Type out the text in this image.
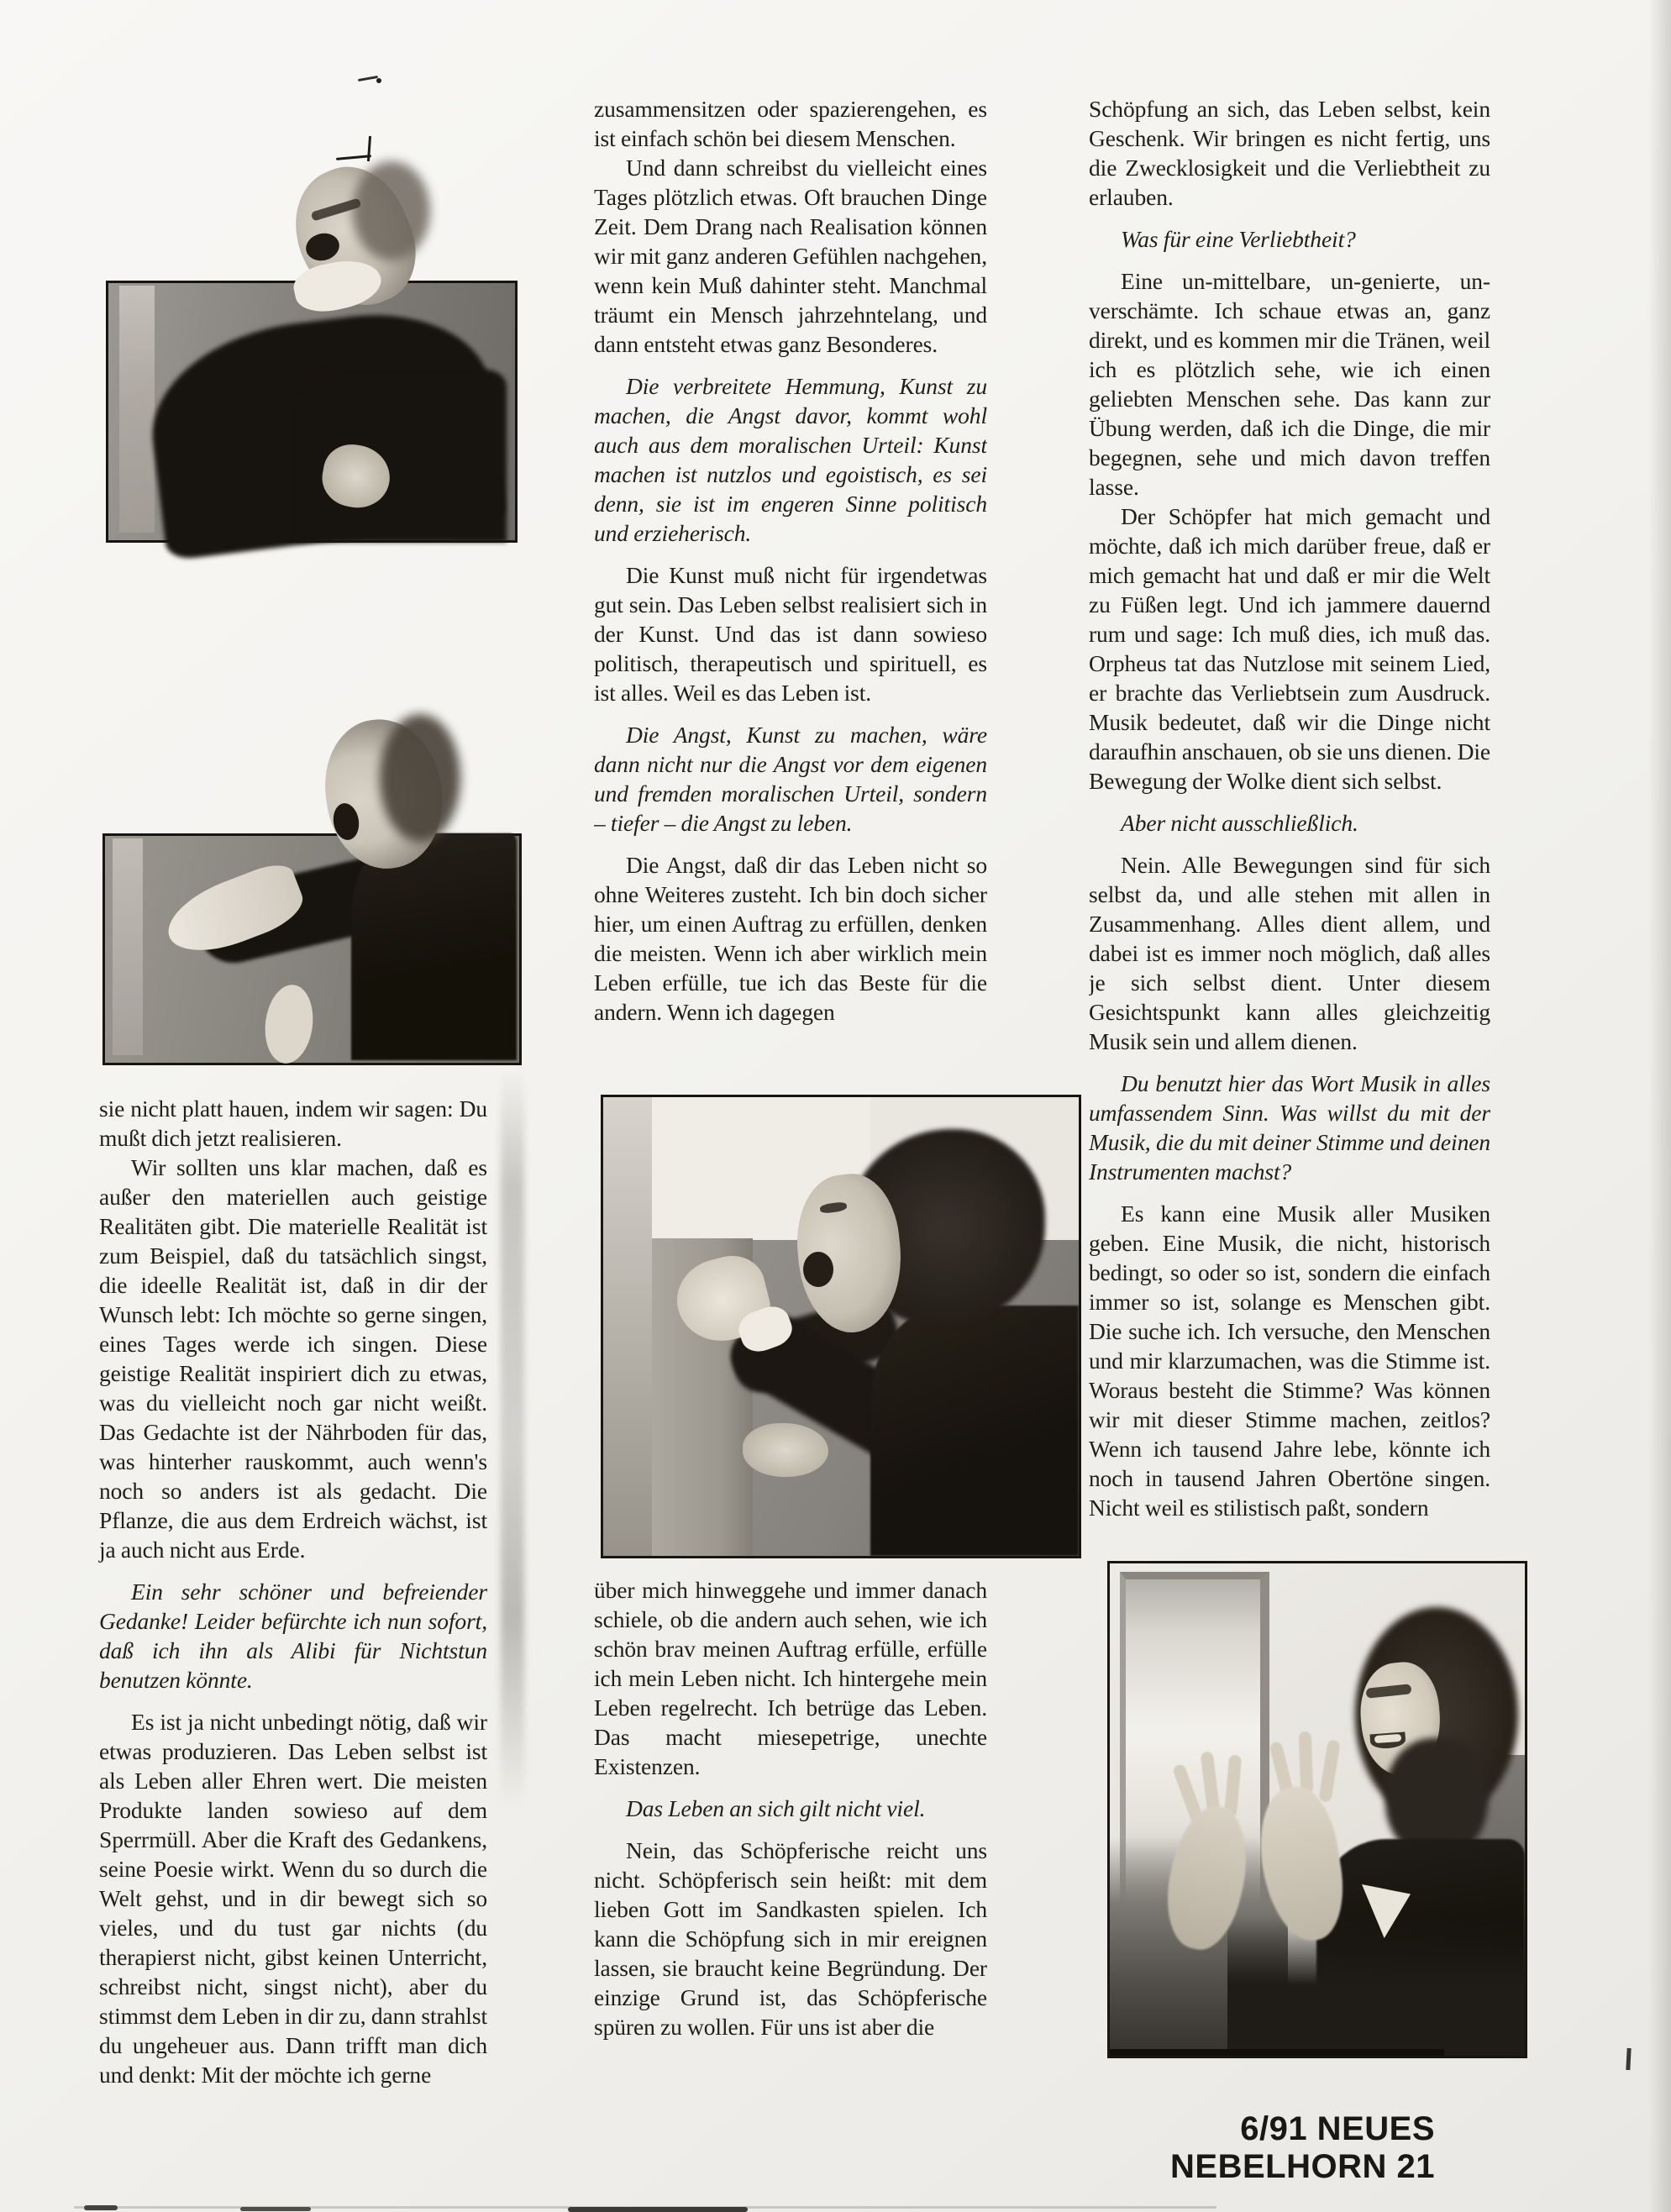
sie nicht platt hauen, indem wir sagen: Du mußt dich jetzt realisieren.

Wir sollten uns klar machen, daß es außer den materiellen auch geistige Realitäten gibt. Die materielle Realität ist zum Beispiel, daß du tatsächlich singst, die ideelle Realität ist, daß in dir der Wunsch lebt: Ich möchte so gerne singen, eines Tages werde ich singen. Diese geistige Realität inspiriert dich zu etwas, was du vielleicht noch gar nicht weißt. Das Gedachte ist der Nährboden für das, was hinterher rauskommt, auch wenn's noch so anders ist als gedacht. Die Pflanze, die aus dem Erdreich wächst, ist ja auch nicht aus Erde.

Ein sehr schöner und befreiender Gedanke! Leider befürchte ich nun sofort, daß ich ihn als Alibi für Nichtstun benutzen könnte.

Es ist ja nicht unbedingt nötig, daß wir etwas produzieren. Das Leben selbst ist als Leben aller Ehren wert. Die meisten Produkte landen sowieso auf dem Sperrmüll. Aber die Kraft des Gedankens, seine Poesie wirkt. Wenn du so durch die Welt gehst, und in dir bewegt sich so vieles, und du tust gar nichts (du therapierst nicht, gibst keinen Unterricht, schreibst nicht, singst nicht), aber du stimmst dem Leben in dir zu, dann strahlst du ungeheuer aus. Dann trifft man dich und denkt: Mit der möchte ich gerne

zusammensitzen oder spazierengehen, es ist einfach schön bei diesem Menschen.

Und dann schreibst du vielleicht eines Tages plötzlich etwas. Oft brauchen Dinge Zeit. Dem Drang nach Realisation können wir mit ganz anderen Gefühlen nachgehen, wenn kein Muß dahinter steht. Manchmal träumt ein Mensch jahrzehntelang, und dann entsteht etwas ganz Besonderes.

Die verbreitete Hemmung, Kunst zu machen, die Angst davor, kommt wohl auch aus dem moralischen Urteil: Kunst machen ist nutzlos und egoistisch, es sei denn, sie ist im engeren Sinne politisch und erzieherisch.

Die Kunst muß nicht für irgendetwas gut sein. Das Leben selbst realisiert sich in der Kunst. Und das ist dann sowieso politisch, therapeutisch und spirituell, es ist alles. Weil es das Leben ist.

Die Angst, Kunst zu machen, wäre dann nicht nur die Angst vor dem eigenen und fremden moralischen Urteil, sondern – tiefer – die Angst zu leben.

Die Angst, daß dir das Leben nicht so ohne Weiteres zusteht. Ich bin doch sicher hier, um einen Auftrag zu erfüllen, denken die meisten. Wenn ich aber wirklich mein Leben erfülle, tue ich das Beste für die andern. Wenn ich dagegen

über mich hinweggehe und immer danach schiele, ob die andern auch sehen, wie ich schön brav meinen Auftrag erfülle, erfülle ich mein Leben nicht. Ich hintergehe mein Leben regelrecht. Ich betrüge das Leben. Das macht miesepetrige, unechte Existenzen.

Das Leben an sich gilt nicht viel.

Nein, das Schöpferische reicht uns nicht. Schöpferisch sein heißt: mit dem lieben Gott im Sandkasten spielen. Ich kann die Schöpfung sich in mir ereignen lassen, sie braucht keine Begründung. Der einzige Grund ist, das Schöpferische spüren zu wollen. Für uns ist aber die

Schöpfung an sich, das Leben selbst, kein Geschenk. Wir bringen es nicht fertig, uns die Zwecklosigkeit und die Verliebtheit zu erlauben.

Was für eine Verliebtheit?

Eine un-mittelbare, un-genierte, un-verschämte. Ich schaue etwas an, ganz direkt, und es kommen mir die Tränen, weil ich es plötzlich sehe, wie ich einen geliebten Menschen sehe. Das kann zur Übung werden, daß ich die Dinge, die mir begegnen, sehe und mich davon treffen lasse.

Der Schöpfer hat mich gemacht und möchte, daß ich mich darüber freue, daß er mich gemacht hat und daß er mir die Welt zu Füßen legt. Und ich jammere dauernd rum und sage: Ich muß dies, ich muß das. Orpheus tat das Nutzlose mit seinem Lied, er brachte das Verliebtsein zum Ausdruck. Musik bedeutet, daß wir die Dinge nicht daraufhin anschauen, ob sie uns dienen. Die Bewegung der Wolke dient sich selbst.

Aber nicht ausschließlich.

Nein. Alle Bewegungen sind für sich selbst da, und alle stehen mit allen in Zusammenhang. Alles dient allem, und dabei ist es immer noch möglich, daß alles je sich selbst dient. Unter diesem Gesichtspunkt kann alles gleichzeitig Musik sein und allem dienen.

Du benutzt hier das Wort Musik in alles umfassendem Sinn. Was willst du mit der Musik, die du mit deiner Stimme und deinen Instrumenten machst?

Es kann eine Musik aller Musiken geben. Eine Musik, die nicht, historisch bedingt, so oder so ist, sondern die einfach immer so ist, solange es Menschen gibt. Die suche ich. Ich versuche, den Menschen und mir klarzumachen, was die Stimme ist. Woraus besteht die Stimme? Was können wir mit dieser Stimme machen, zeitlos? Wenn ich tausend Jahre lebe, könnte ich noch in tausend Jahren Obertöne singen. Nicht weil es stilistisch paßt, sondern

6/91 NEUES NEBELHORN 21
